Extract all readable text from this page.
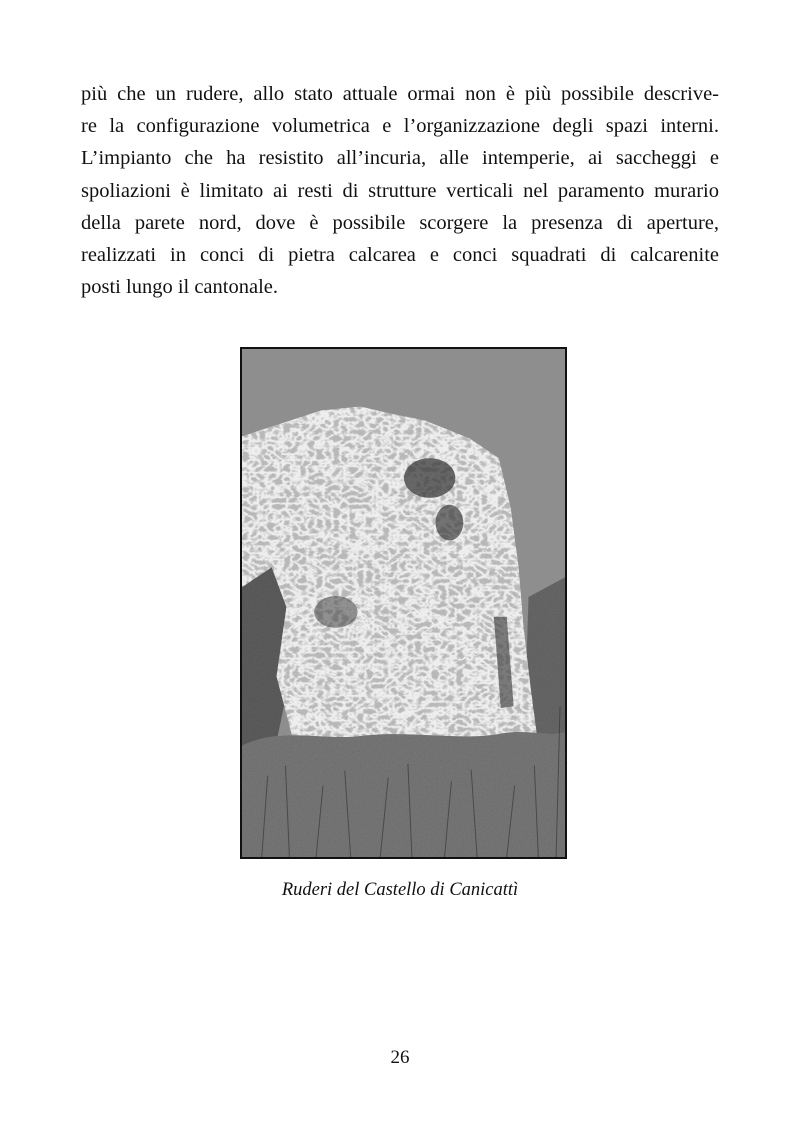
più che un rudere, allo stato attuale ormai non è più possibile descrive-
re la configurazione volumetrica e l’organizzazione degli spazi interni.
L’impianto che ha resistito all’incuria, alle intemperie, ai saccheggi e
spoliazioni è limitato ai resti di strutture verticali nel paramento murario
della parete nord, dove è possibile scorgere la presenza di aperture,
realizzati in conci di pietra calcarea e conci squadrati di calcarenite
posti lungo il cantonale.
Ruderi del Castello di Canicattì
26
